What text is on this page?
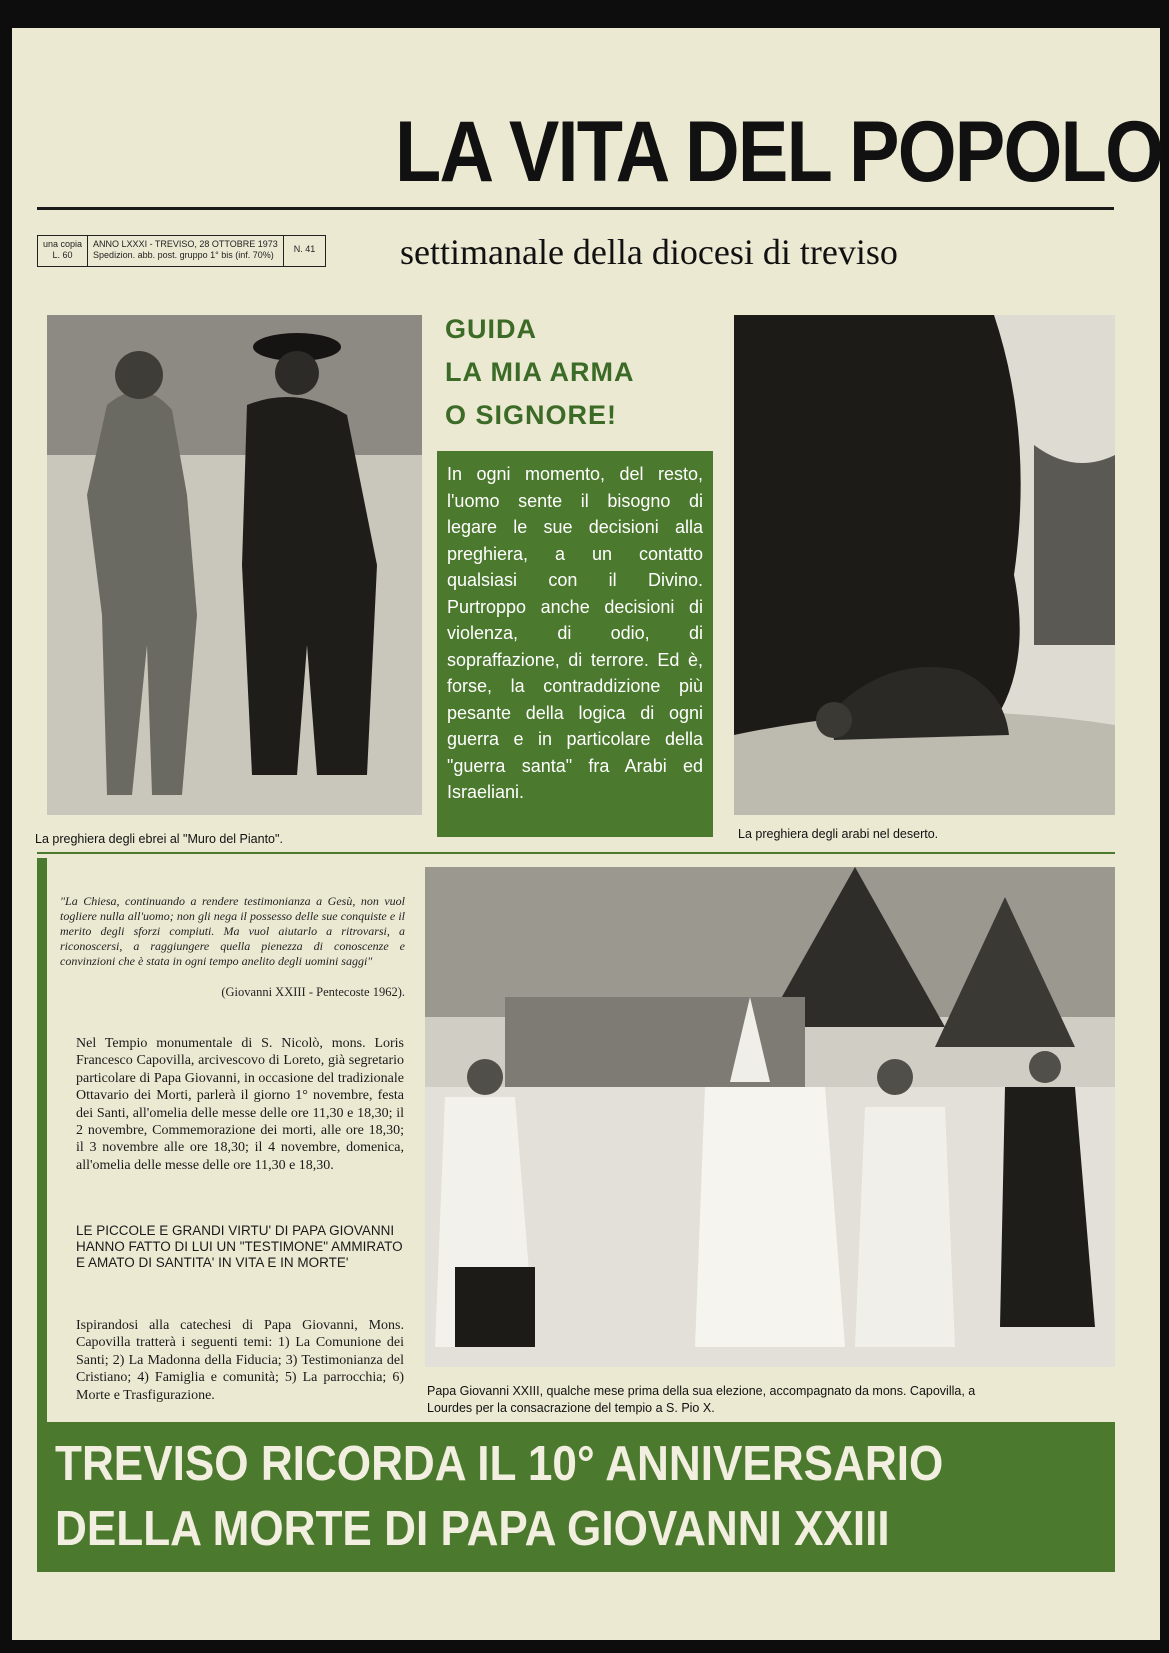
LA VITA DEL POPOLO
una copia
L. 60
ANNO LXXXI - TREVISO, 28 OTTOBRE 1973
Spedizion. abb. post. gruppo 1° bis (inf. 70%)
N. 41 settimanale della diocesi di treviso
La preghiera degli ebrei al "Muro del Pianto".
GUIDA
LA MIA ARMA
O SIGNORE!
In ogni momento, del resto, l'uomo sente il bisogno di legare le sue decisioni alla preghiera, a un contatto qualsiasi con il Divino. Purtroppo anche decisioni di violenza, di odio, di sopraffazione, di terrore. Ed è, forse, la contraddizione più pesante della logica di ogni guerra e in particolare della "guerra santa" fra Arabi ed Israeliani.
La preghiera degli arabi nel deserto.
"La Chiesa, continuando a rendere testimonianza a Gesù, non vuol togliere nulla all'uomo; non gli nega il possesso delle sue conquiste e il merito degli sforzi compiuti. Ma vuol aiutarlo a ritrovarsi, a riconoscersi, a raggiungere quella pienezza di conoscenze e convinzioni che è stata in ogni tempo anelito degli uomini saggi"
(Giovanni XXIII - Pentecoste 1962).
Nel Tempio monumentale di S. Nicolò, mons. Loris Francesco Capovilla, arcivescovo di Loreto, già segretario particolare di Papa Giovanni, in occasione del tradizionale Ottavario dei Morti, parlerà il giorno 1° novembre, festa dei Santi, all'omelia delle messe delle ore 11,30 e 18,30; il 2 novembre, Commemorazione dei morti, alle ore 18,30; il 3 novembre alle ore 18,30; il 4 novembre, domenica, all'omelia delle messe delle ore 11,30 e 18,30.
LE PICCOLE E GRANDI VIRTU' DI PAPA GIOVANNI HANNO FATTO DI LUI UN "TESTIMONE" AMMIRATO E AMATO DI SANTITA' IN VITA E IN MORTE'
Ispirandosi alla catechesi di Papa Giovanni, Mons. Capovilla tratterà i seguenti temi: 1) La Comunione dei Santi; 2) La Madonna della Fiducia; 3) Testimonianza del Cristiano; 4) Famiglia e comunità; 5) La parrocchia; 6) Morte e Trasfigurazione.	Papa Giovanni XXIII, qualche mese prima della sua elezione, accompagnato da mons. Capovilla, a
Lourdes per la consacrazione del tempio a S. Pio X.
TREVISO RICORDA IL 10° ANNIVERSARIO
DELLA MORTE DI PAPA GIOVANNI XXIII
